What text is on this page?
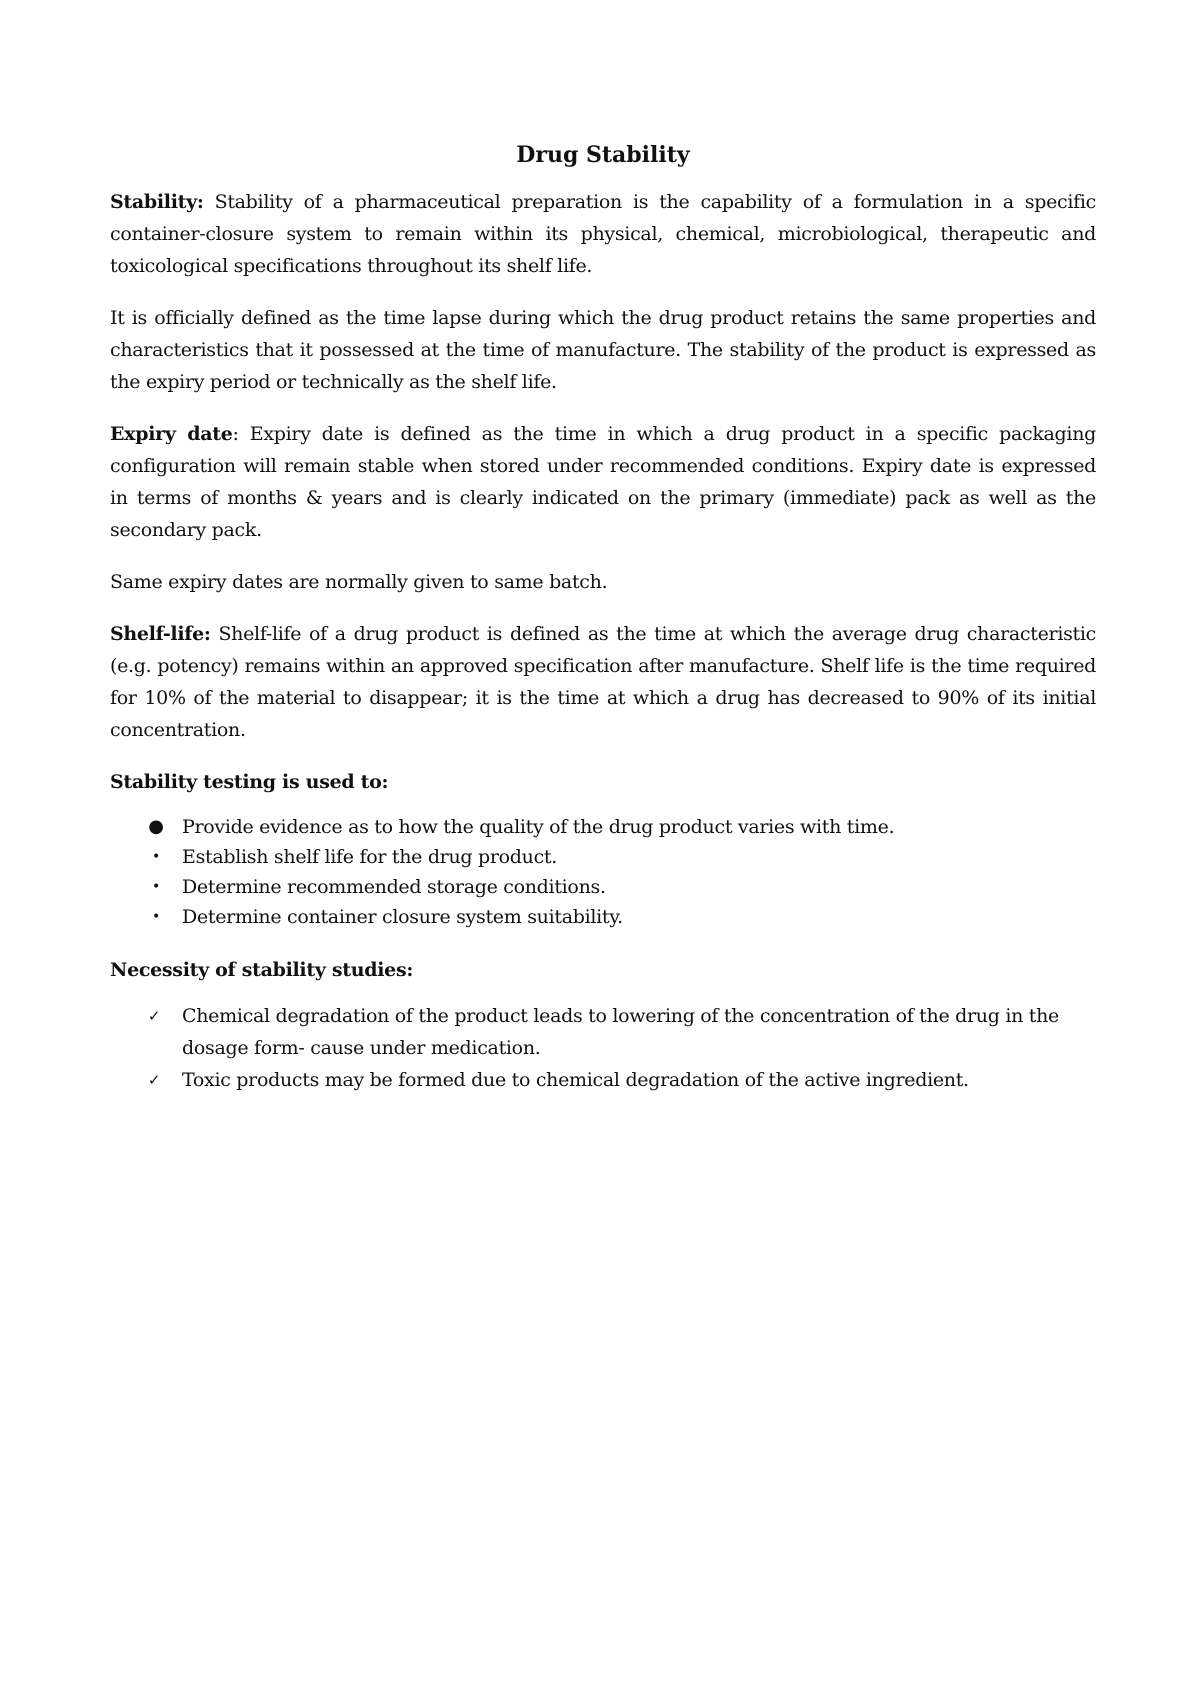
Drug Stability

Stability: Stability of a pharmaceutical preparation is the capability of a formulation in a specific container-closure system to remain within its physical, chemical, microbiological, therapeutic and toxicological specifications throughout its shelf life.

It is officially defined as the time lapse during which the drug product retains the same properties and characteristics that it possessed at the time of manufacture. The stability of the product is expressed as the expiry period or technically as the shelf life.

Expiry date: Expiry date is defined as the time in which a drug product in a specific packaging configuration will remain stable when stored under recommended conditions. Expiry date is expressed in terms of months & years and is clearly indicated on the primary (immediate) pack as well as the secondary pack.

Same expiry dates are normally given to same batch.

Shelf-life: Shelf-life of a drug product is defined as the time at which the average drug characteristic (e.g. potency) remains within an approved specification after manufacture. Shelf life is the time required for 10% of the material to disappear; it is the time at which a drug has decreased to 90% of its initial concentration.

Stability testing is used to:
● Provide evidence as to how the quality of the drug product varies with time.
•	Establish shelf life for the drug product.
•	Determine recommended storage conditions.
•	Determine container closure system suitability.
Necessity of stability studies:
✓ Chemical degradation of the product leads to lowering of the concentration of the drug in the dosage form- cause under medication.
✓ Toxic products may be formed due to chemical degradation of the active ingredient.
